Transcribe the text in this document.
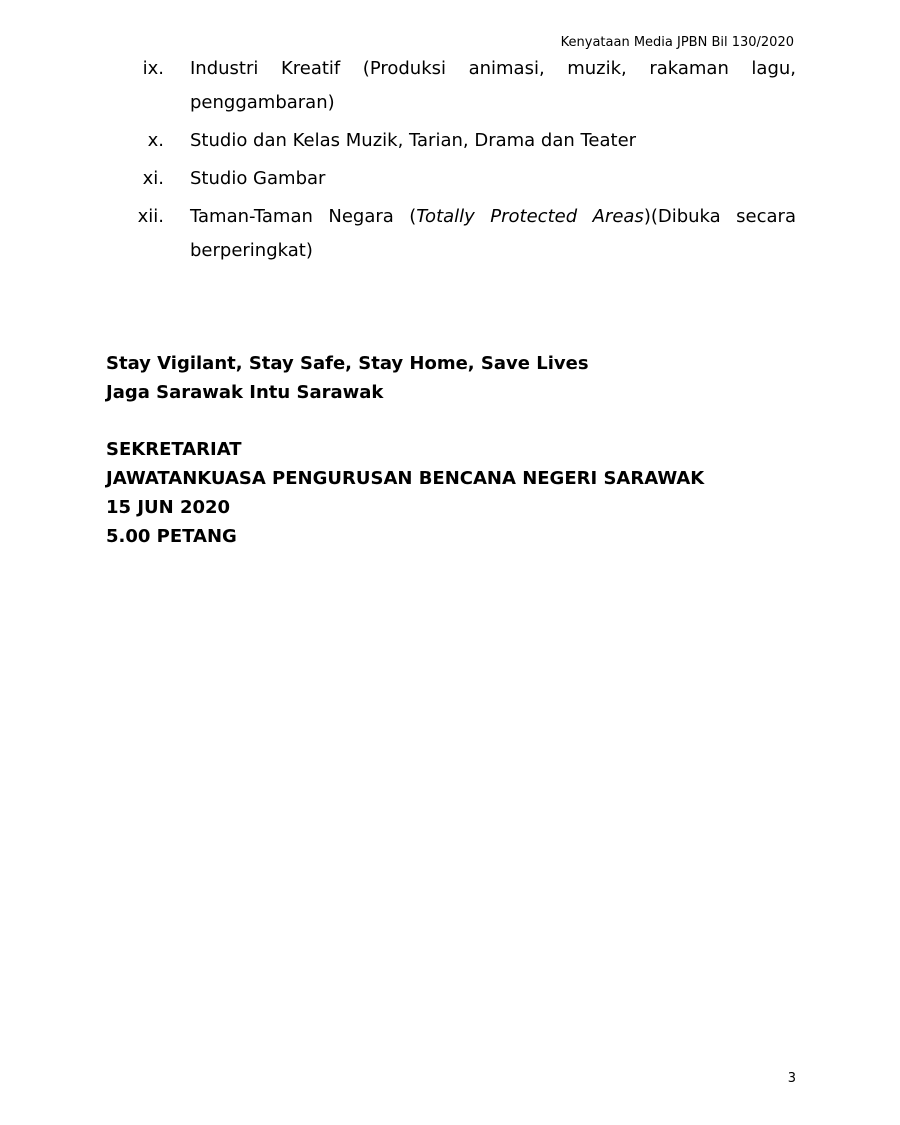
Kenyataan Media JPBN Bil 130/2020
ix.	Industri Kreatif (Produksi animasi, muzik, rakaman lagu, penggambaran)
x.	Studio dan Kelas Muzik, Tarian, Drama dan Teater
xi.	Studio Gambar
xii.	Taman-Taman Negara (Totally Protected Areas)(Dibuka secara berperingkat)
Stay Vigilant, Stay Safe, Stay Home, Save Lives
Jaga Sarawak Intu Sarawak
SEKRETARIAT
JAWATANKUASA PENGURUSAN BENCANA NEGERI SARAWAK
15 JUN 2020
5.00 PETANG
3
